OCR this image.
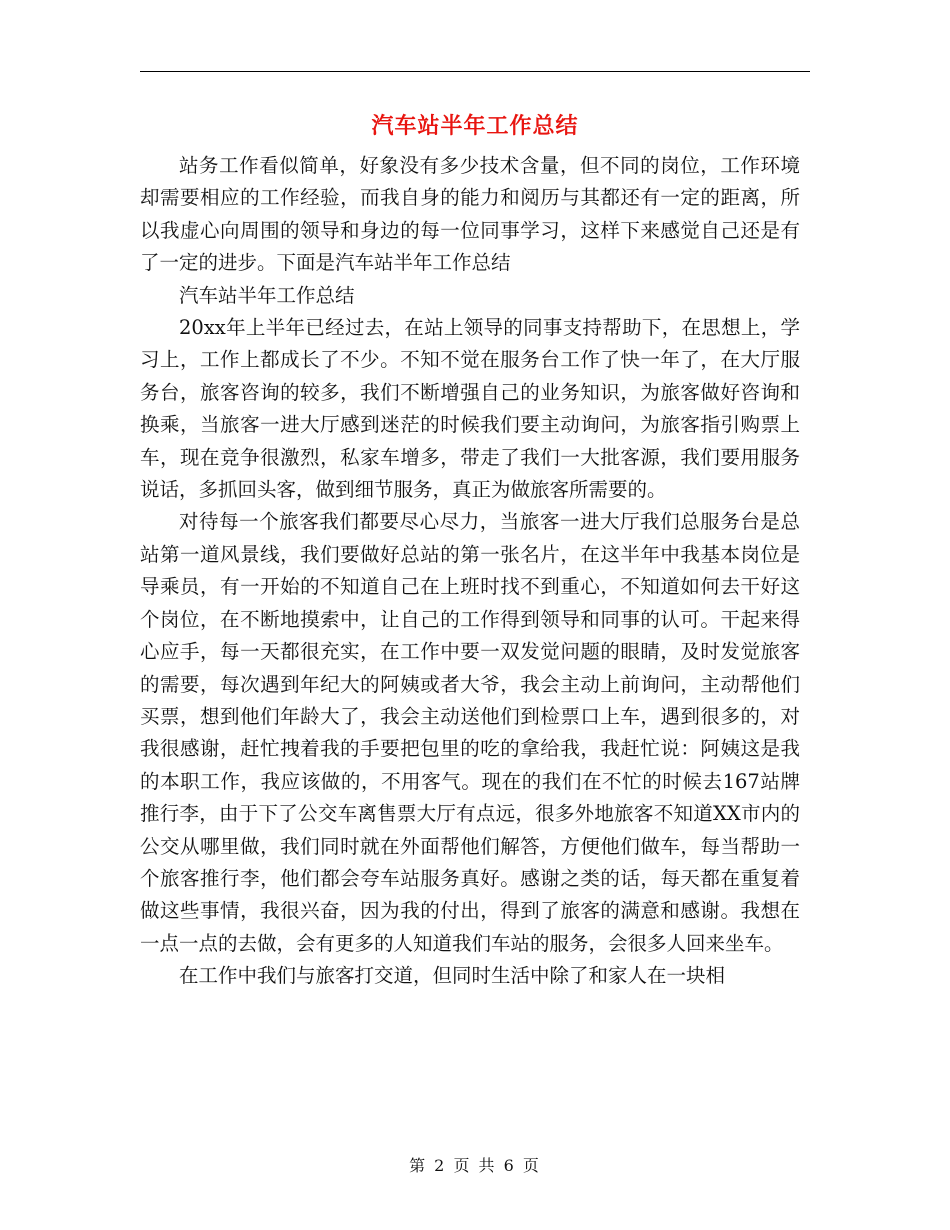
汽车站半年工作总结

站务工作看似简单，好象没有多少技术含量，但不同的岗位，工作环境却需要相应的工作经验，而我自身的能力和阅历与其都还有一定的距离，所以我虚心向周围的领导和身边的每一位同事学习，这样下来感觉自己还是有了一定的进步。下面是汽车站半年工作总结

汽车站半年工作总结

20xx年上半年已经过去，在站上领导的同事支持帮助下，在思想上，学习上，工作上都成长了不少。不知不觉在服务台工作了快一年了，在大厅服务台，旅客咨询的较多，我们不断增强自己的业务知识，为旅客做好咨询和换乘，当旅客一进大厅感到迷茫的时候我们要主动询问，为旅客指引购票上车，现在竞争很激烈，私家车增多，带走了我们一大批客源，我们要用服务说话，多抓回头客，做到细节服务，真正为做旅客所需要的。

对待每一个旅客我们都要尽心尽力，当旅客一进大厅我们总服务台是总站第一道风景线，我们要做好总站的第一张名片，在这半年中我基本岗位是导乘员，有一开始的不知道自己在上班时找不到重心，不知道如何去干好这个岗位，在不断地摸索中，让自己的工作得到领导和同事的认可。干起来得心应手，每一天都很充实，在工作中要一双发觉问题的眼睛，及时发觉旅客的需要，每次遇到年纪大的阿姨或者大爷，我会主动上前询问，主动帮他们买票，想到他们年龄大了，我会主动送他们到检票口上车，遇到很多的，对我很感谢，赶忙拽着我的手要把包里的吃的拿给我，我赶忙说：阿姨这是我的本职工作，我应该做的，不用客气。现在的我们在不忙的时候去167站牌推行李，由于下了公交车离售票大厅有点远，很多外地旅客不知道XX市内的公交从哪里做，我们同时就在外面帮他们解答，方便他们做车，每当帮助一个旅客推行李，他们都会夸车站服务真好。感谢之类的话，每天都在重复着做这些事情，我很兴奋，因为我的付出，得到了旅客的满意和感谢。我想在一点一点的去做，会有更多的人知道我们车站的服务，会很多人回来坐车。

在工作中我们与旅客打交道，但同时生活中除了和家人在一块相

第 2 页 共 6 页
